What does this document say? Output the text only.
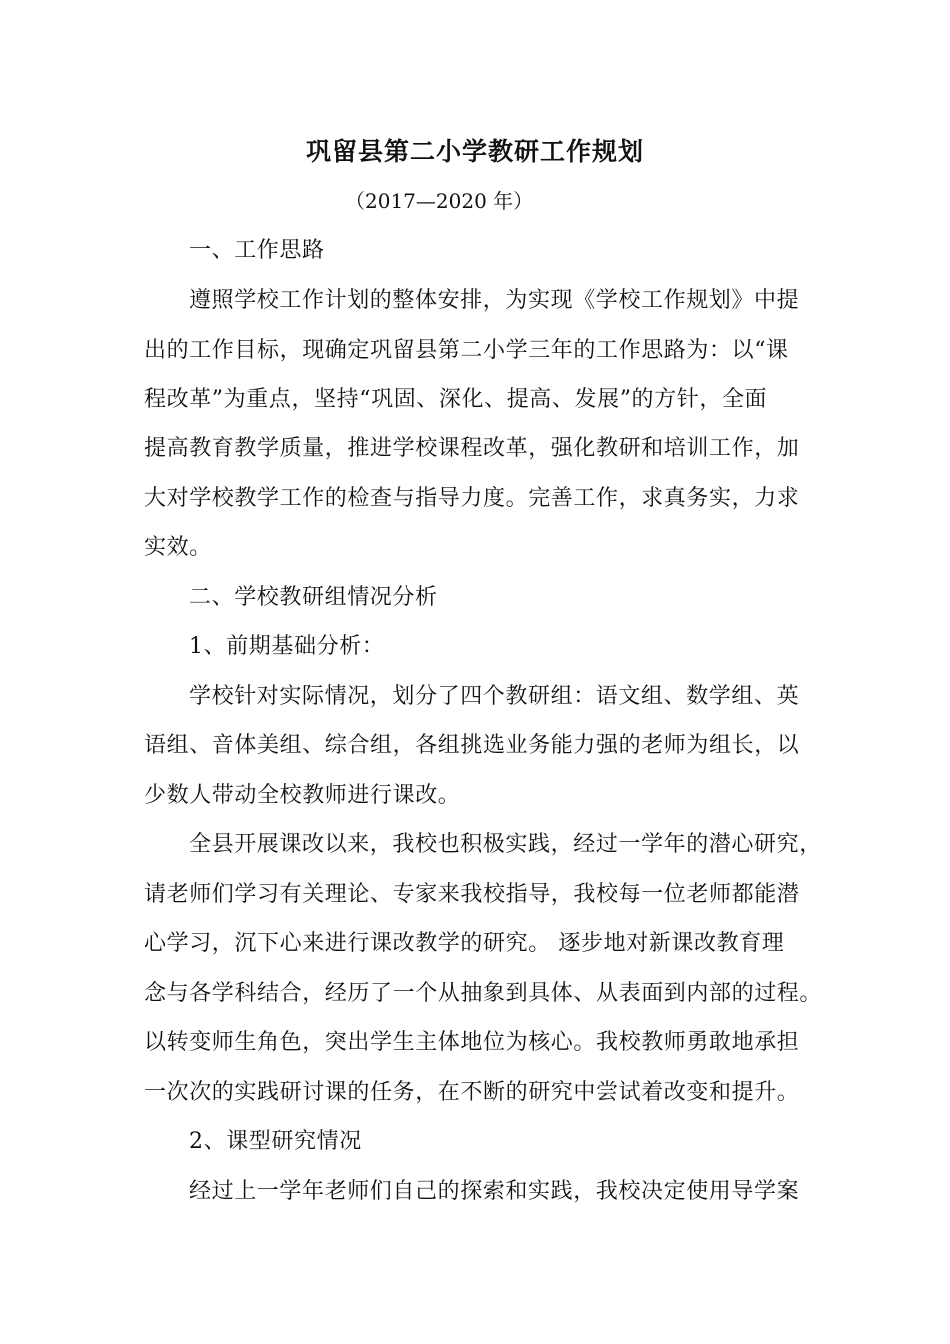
巩留县第二小学教研工作规划
（2017—2020 年）
一、工作思路
遵照学校工作计划的整体安排，为实现《学校工作规划》中提
出的工作目标，现确定巩留县第二小学三年的工作思路为：以“课
程改革”为重点，坚持“巩固、深化、提高、发展”的方针，全面
提高教育教学质量，推进学校课程改革，强化教研和培训工作，加
大对学校教学工作的检查与指导力度。完善工作，求真务实，力求
实效。
二、学校教研组情况分析
1、前期基础分析：
学校针对实际情况，划分了四个教研组：语文组、数学组、英
语组、音体美组、综合组，各组挑选业务能力强的老师为组长，以
少数人带动全校教师进行课改。
全县开展课改以来，我校也积极实践，经过一学年的潜心研究，
请老师们学习有关理论、专家来我校指导，我校每一位老师都能潜
心学习，沉下心来进行课改教学的研究。 逐步地对新课改教育理
念与各学科结合，经历了一个从抽象到具体、从表面到内部的过程。
以转变师生角色，突出学生主体地位为核心。我校教师勇敢地承担
一次次的实践研讨课的任务，在不断的研究中尝试着改变和提升。
2、课型研究情况
经过上一学年老师们自己的探索和实践，我校决定使用导学案
